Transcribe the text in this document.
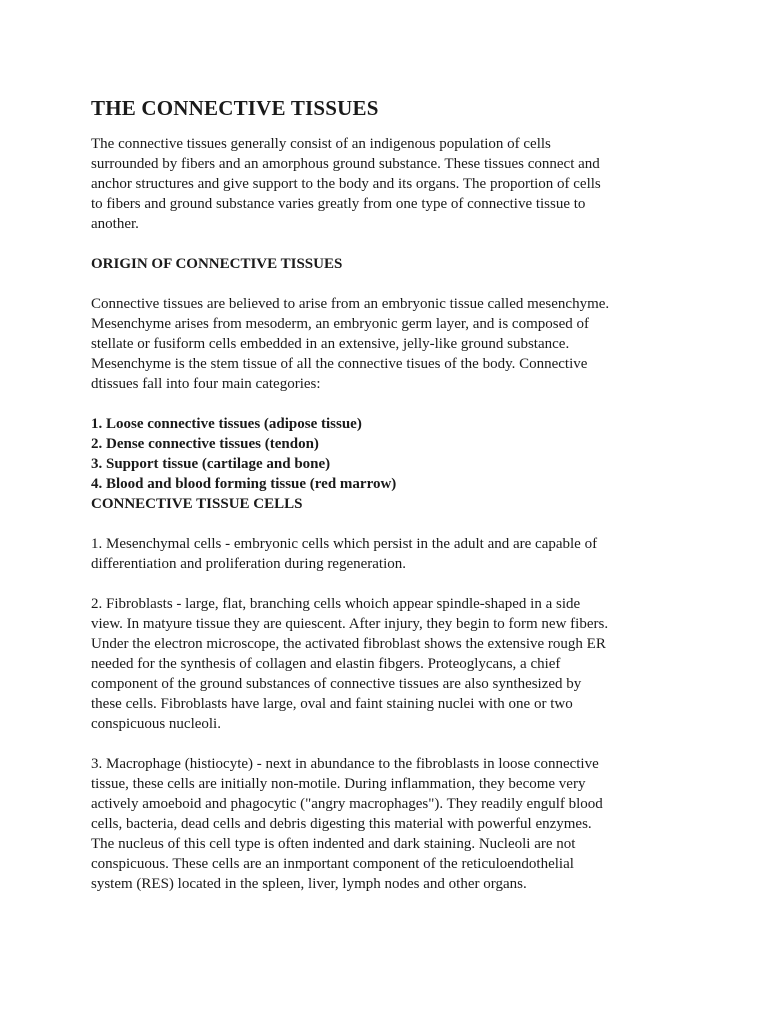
THE CONNECTIVE TISSUES

The connective tissues generally consist of an indigenous population of cells

surrounded by fibers and an amorphous ground substance. These tissues connect and

anchor structures and give support to the body and its organs. The proportion of cells

to fibers and ground substance varies greatly from one type of connective tissue to

another.

ORIGIN OF CONNECTIVE TISSUES

Connective tissues are believed to arise from an embryonic tissue called mesenchyme.

Mesenchyme arises from mesoderm, an embryonic germ layer, and is composed of

stellate or fusiform cells embedded in an extensive, jelly-like ground substance.

Mesenchyme is the stem tissue of all the connective tisues of the body. Connective

dtissues fall into four main categories:

1. Loose connective tissues (adipose tissue)
2. Dense connective tissues (tendon)
3. Support tissue (cartilage and bone)
4. Blood and blood forming tissue (red marrow)

CONNECTIVE TISSUE CELLS

1. Mesenchymal cells - embryonic cells which persist in the adult and are capable of

differentiation and proliferation during regeneration.

2. Fibroblasts - large, flat, branching cells whoich appear spindle-shaped in a side

view. In matyure tissue they are quiescent. After injury, they begin to form new fibers.

Under the electron microscope, the activated fibroblast shows the extensive rough ER

needed for the synthesis of collagen and elastin fibgers. Proteoglycans, a chief

component of the ground substances of connective tissues are also synthesized by

these cells. Fibroblasts have large, oval and faint staining nuclei with one or two

conspicuous nucleoli.

3. Macrophage (histiocyte) - next in abundance to the fibroblasts in loose connective

tissue, these cells are initially non-motile. During inflammation, they become very

actively amoeboid and phagocytic ("angry macrophages"). They readily engulf blood

cells, bacteria, dead cells and debris digesting this material with powerful enzymes.

The nucleus of this cell type is often indented and dark staining. Nucleoli are not

conspicuous. These cells are an inmportant component of the reticuloendothelial

system (RES) located in the spleen, liver, lymph nodes and other organs.
